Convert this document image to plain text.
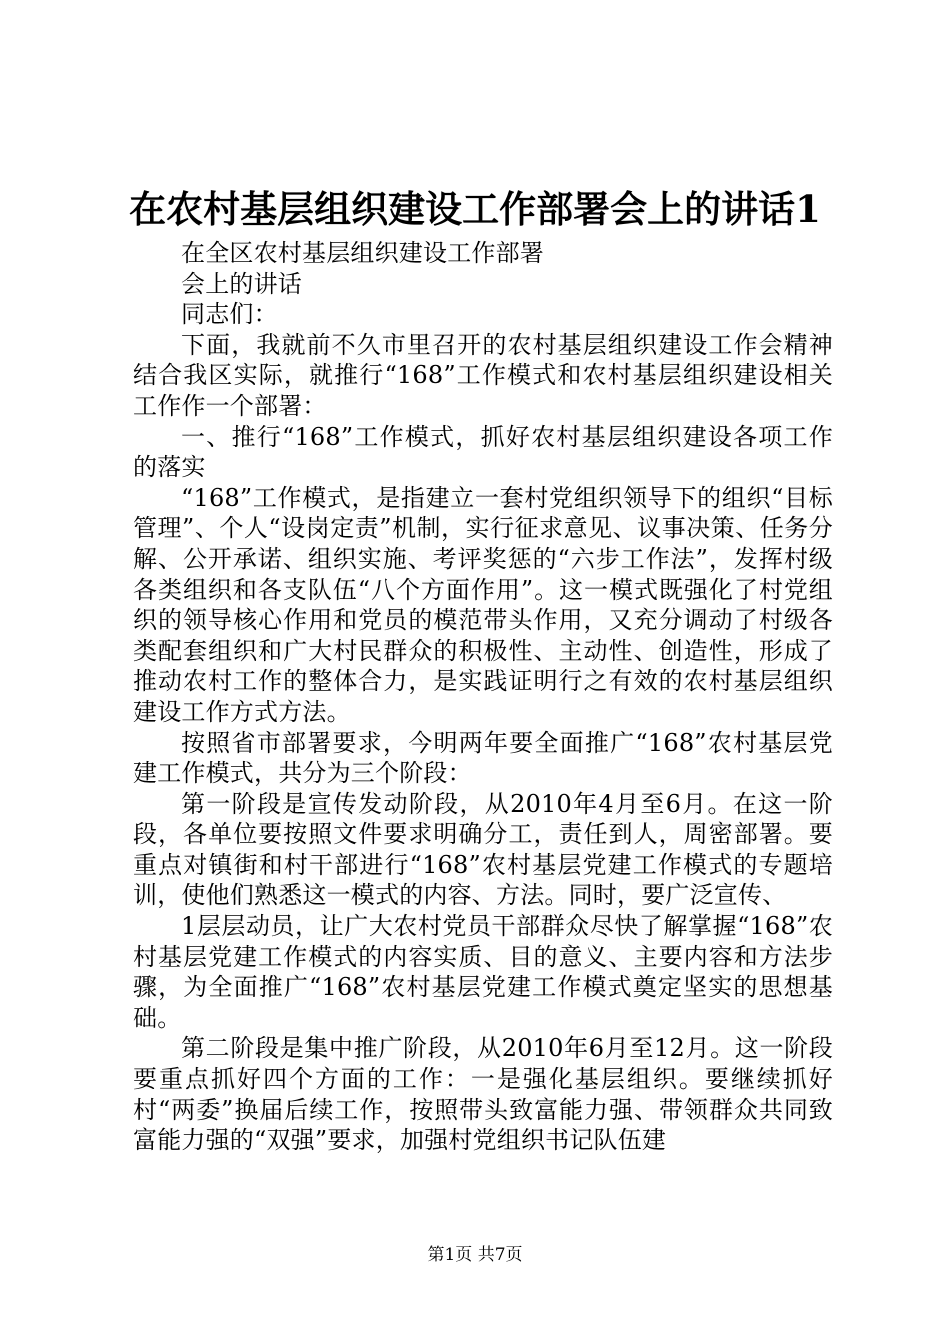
在农村基层组织建设工作部署会上的讲话1

在全区农村基层组织建设工作部署

会上的讲话

同志们：

下面，我就前不久市里召开的农村基层组织建设工作会精神结合我区实际，就推行“168”工作模式和农村基层组织建设相关工作作一个部署：

一、推行“168”工作模式，抓好农村基层组织建设各项工作的落实

“168”工作模式，是指建立一套村党组织领导下的组织“目标管理”、个人“设岗定责”机制，实行征求意见、议事决策、任务分解、公开承诺、组织实施、考评奖惩的“六步工作法”，发挥村级各类组织和各支队伍“八个方面作用”。这一模式既强化了村党组织的领导核心作用和党员的模范带头作用，又充分调动了村级各类配套组织和广大村民群众的积极性、主动性、创造性，形成了推动农村工作的整体合力，是实践证明行之有效的农村基层组织建设工作方式方法。

按照省市部署要求，今明两年要全面推广“168”农村基层党建工作模式，共分为三个阶段：

第一阶段是宣传发动阶段，从2010年4月至6月。在这一阶段，各单位要按照文件要求明确分工，责任到人，周密部署。要重点对镇街和村干部进行“168”农村基层党建工作模式的专题培训，使他们熟悉这一模式的内容、方法。同时，要广泛宣传、

1层层动员，让广大农村党员干部群众尽快了解掌握“168”农村基层党建工作模式的内容实质、目的意义、主要内容和方法步骤，为全面推广“168”农村基层党建工作模式奠定坚实的思想基础。

第二阶段是集中推广阶段，从2010年6月至12月。这一阶段要重点抓好四个方面的工作：一是强化基层组织。要继续抓好村“两委”换届后续工作，按照带头致富能力强、带领群众共同致富能力强的“双强”要求，加强村党组织书记队伍建

第1页 共7页
